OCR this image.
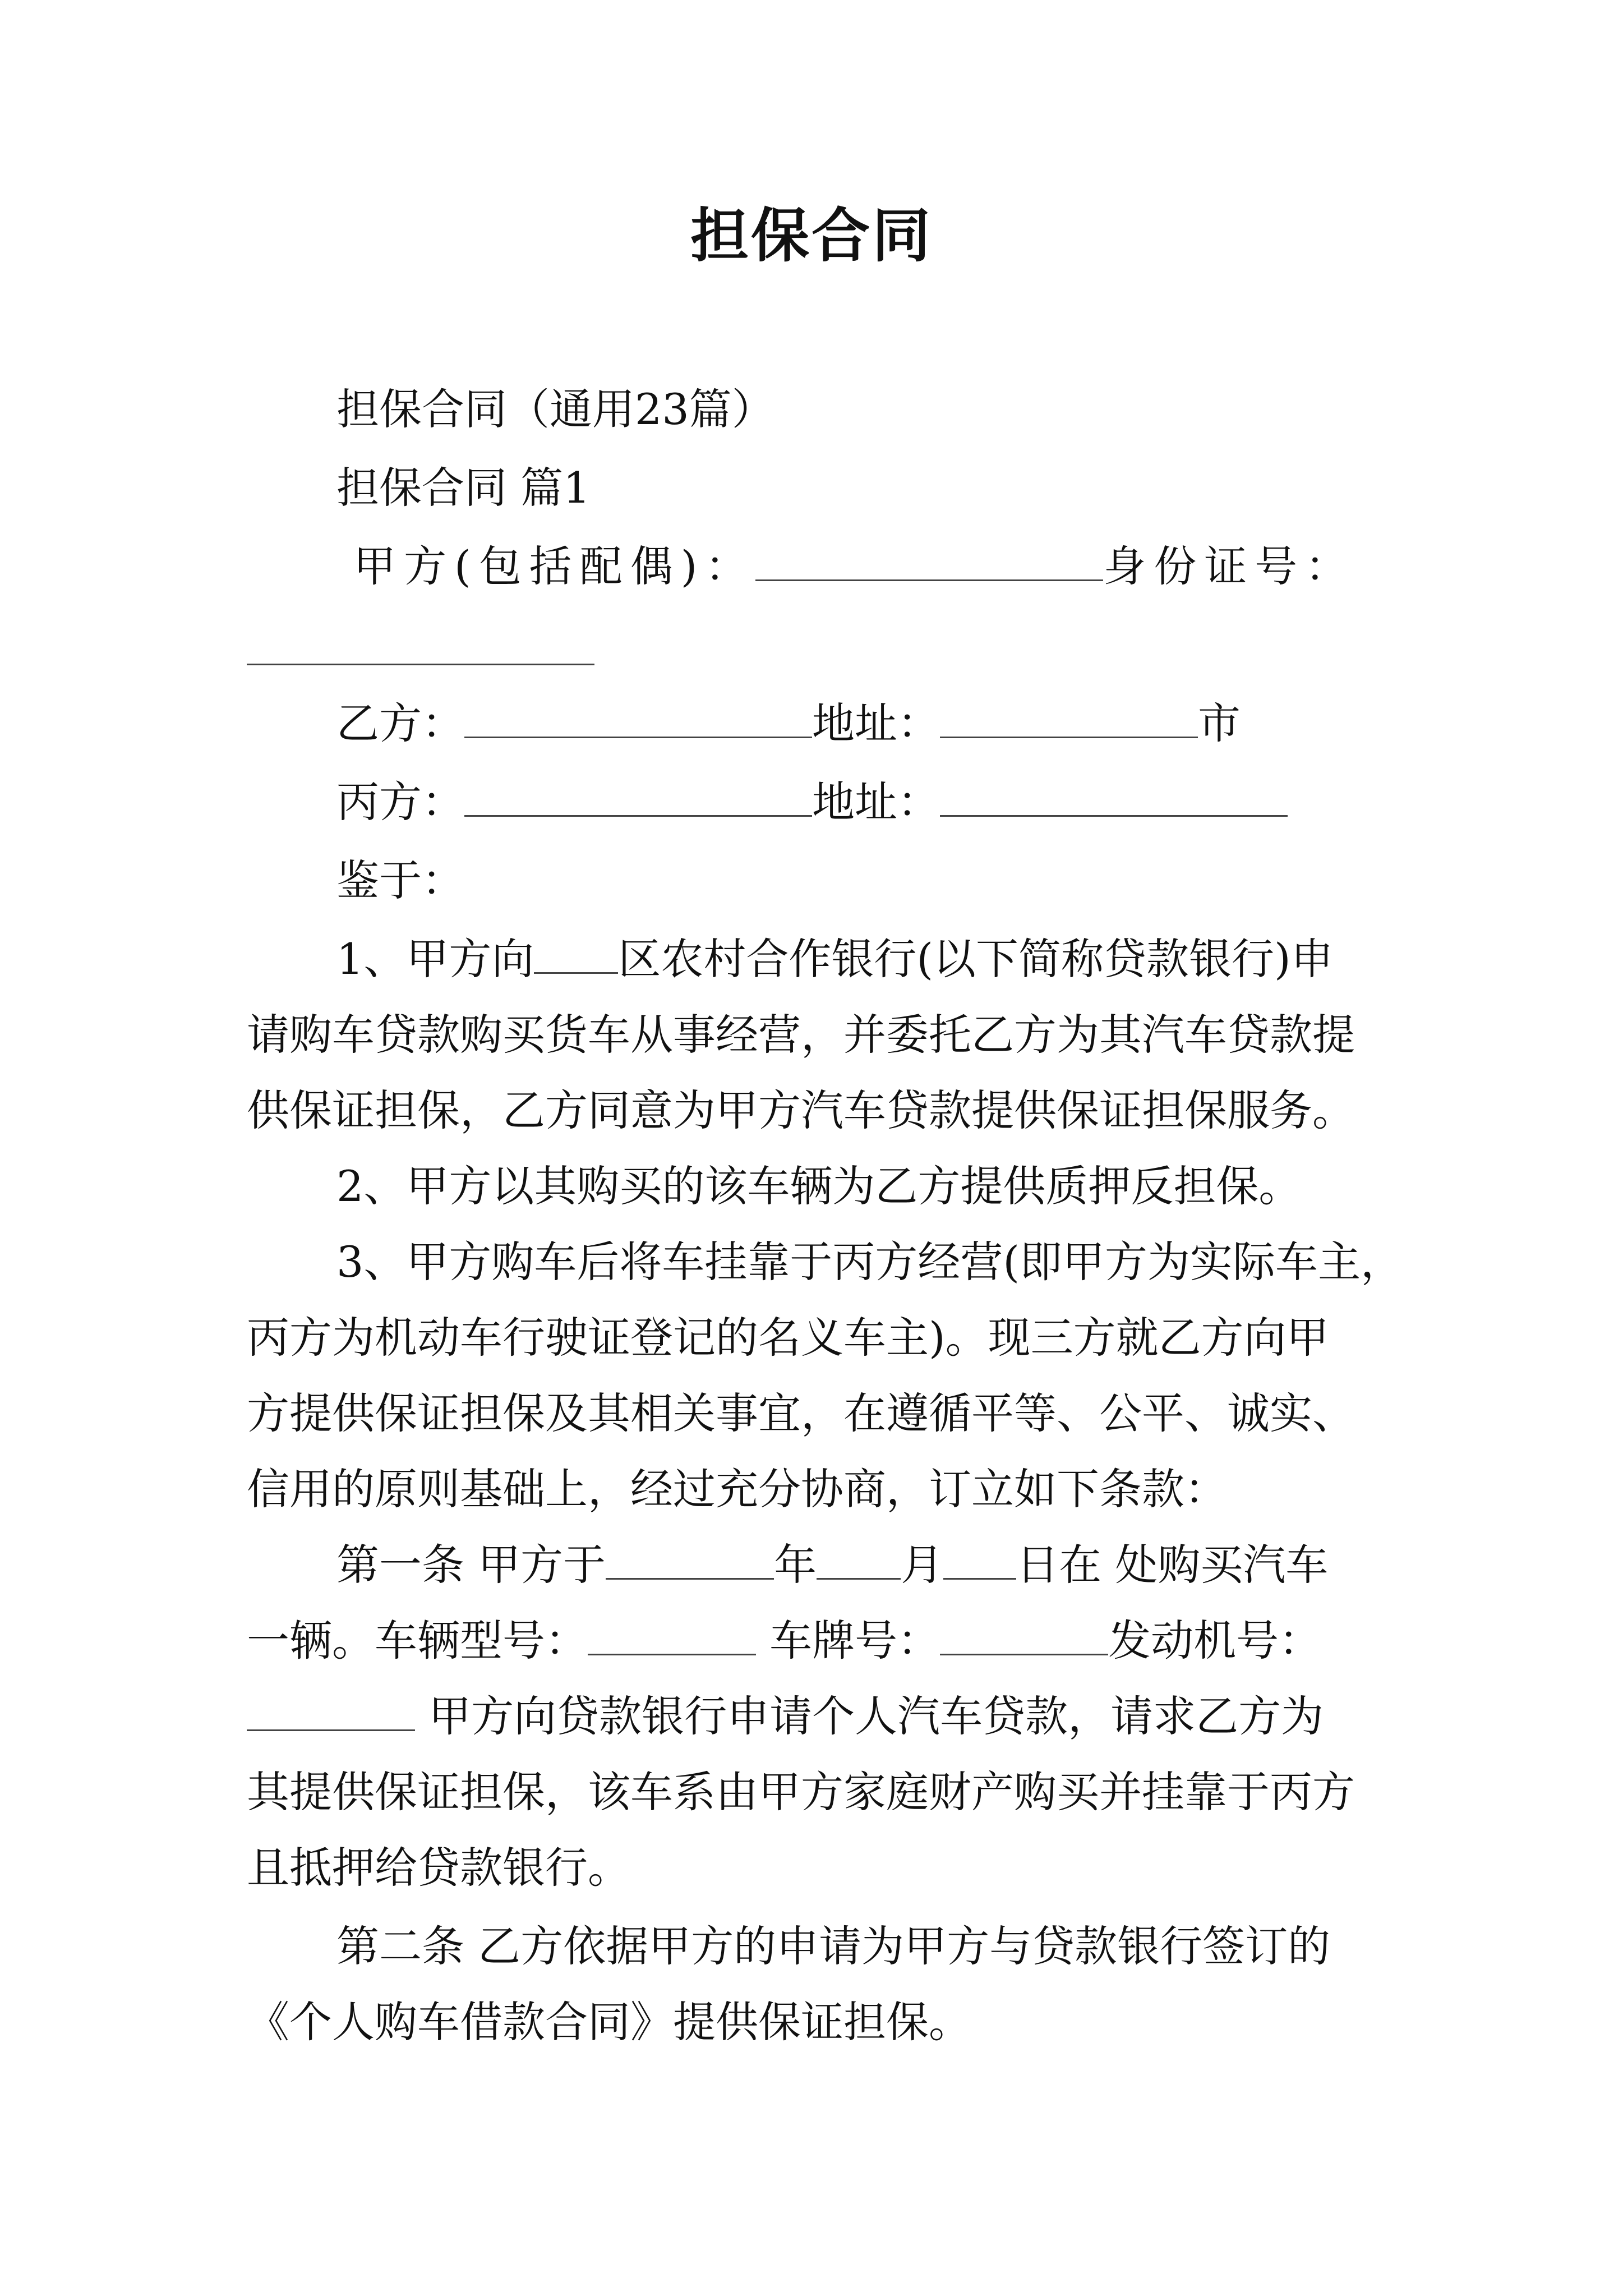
担保合同

担保合同（通用23篇）

担保合同 篇1

甲方(包括配偶)：	身份证号：

乙方：	地址：	市

丙方：	地址：

鉴于：

1、甲方向 区农村合作银行(以下简称贷款银行)申

请购车贷款购买货车从事经营，并委托乙方为其汽车贷款提

供保证担保，乙方同意为甲方汽车贷款提供保证担保服务。

2、甲方以其购买的该车辆为乙方提供质押反担保。

3、甲方购车后将车挂靠于丙方经营(即甲方为实际车主，

丙方为机动车行驶证登记的名义车主)。现三方就乙方向甲

方提供保证担保及其相关事宜，在遵循平等、公平、诚实、

信用的原则基础上，经过充分协商，订立如下条款：

第一条 甲方于	年 月 日在 处购买汽车

一辆。车辆型号：	车牌号：	发动机号：

甲方向贷款银行申请个人汽车贷款，请求乙方为

其提供保证担保，该车系由甲方家庭财产购买并挂靠于丙方

且抵押给贷款银行。

第二条 乙方依据甲方的申请为甲方与贷款银行签订的

《个人购车借款合同》提供保证担保。
